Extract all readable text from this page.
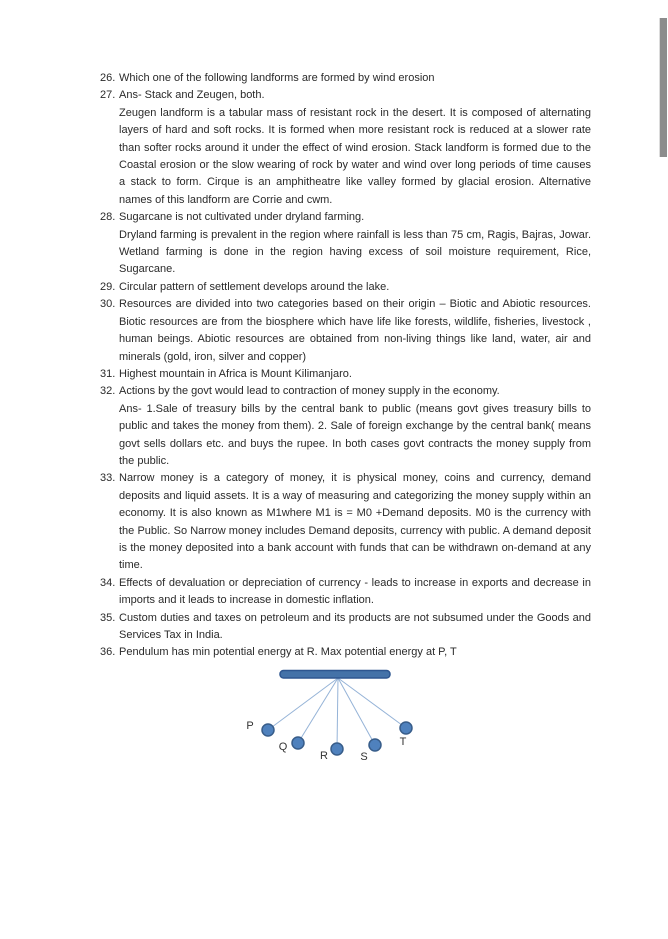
26. Which one of the following landforms are formed by wind erosion

27. Ans- Stack and Zeugen, both.

Zeugen landform is a tabular mass of resistant rock in the desert. It is composed of alternating layers of hard and soft rocks. It is formed when more resistant rock is reduced at a slower rate than softer rocks around it under the effect of wind erosion. Stack landform is formed due to the Coastal erosion or the slow wearing of rock by water and wind over long periods of time causes a stack to form. Cirque is an amphitheatre like valley formed by glacial erosion. Alternative names of this landform are Corrie and cwm.

28. Sugarcane is not cultivated under dryland farming.

Dryland farming is prevalent in the region where rainfall is less than 75 cm, Ragis, Bajras, Jowar. Wetland farming is done in the region having excess of soil moisture requirement, Rice, Sugarcane.

29. Circular pattern of settlement develops around the lake.

30. Resources are divided into two categories based on their origin – Biotic and Abiotic resources. Biotic resources are from the biosphere which have life like forests, wildlife, fisheries, livestock , human beings. Abiotic resources are obtained from non-living things like land, water, air and minerals (gold, iron, silver and copper)

31. Highest mountain in Africa is Mount Kilimanjaro.

32. Actions by the govt would lead to contraction of money supply in the economy.

Ans- 1.Sale of treasury bills by the central bank to public (means govt gives treasury bills to public and takes the money from them). 2. Sale of foreign exchange by the central bank( means govt sells dollars etc. and buys the rupee. In both cases govt contracts the money supply from the public.

33. Narrow money is a category of money, it is physical money, coins and currency, demand deposits and liquid assets. It is a way of measuring and categorizing the money supply within an economy. It is also known as M1where M1 is = M0 +Demand deposits. M0 is the currency with the Public. So Narrow money includes Demand deposits, currency with public. A demand deposit is the money deposited into a bank account with funds that can be withdrawn on-demand at any time.

34. Effects of devaluation or depreciation of currency - leads to increase in exports and decrease in imports and it leads to increase in domestic inflation.

35. Custom duties and taxes on petroleum and its products are not subsumed under the Goods and Services Tax in India.

36. Pendulum has min potential energy at R. Max potential energy at P, T

P
Q
R	S
T
